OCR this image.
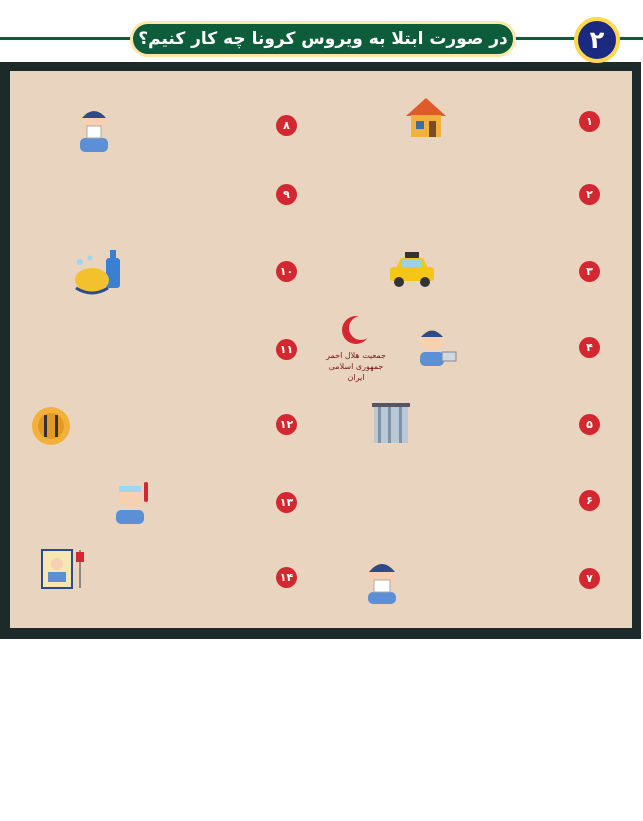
در صورت ابتلا به ویروس کرونا چه کار کنیم؟	۲
۱
۲
۳
۴
۵
۶
۷
۸
۹
۱۰
۱۱	جمعیت هلال احمر
جمهوری اسلامی ایران
۱۲
۱۳
۱۴
